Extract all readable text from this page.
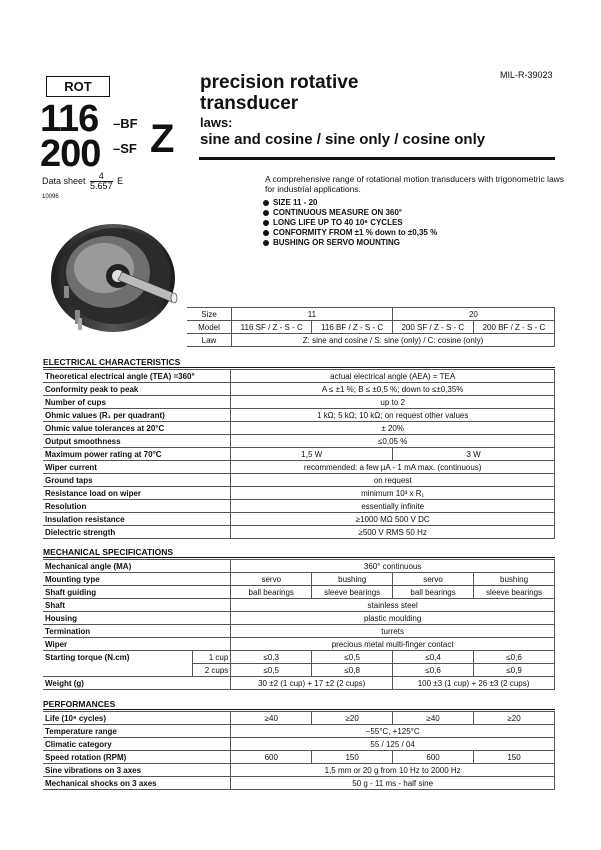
ROT
116 –BF
200 –SF Z
Data sheet $\frac{4}{5.657}$ E
10096
MIL-R-39023
precision rotative
transducer
laws:
sine and cosine / sine only / cosine only
A comprehensive range of rotational motion transducers with trigonometric laws for industrial applications.
SIZE 11 - 20
CONTINUOUS MEASURE ON 360°
LONG LIFE UP TO 40 10⁶ CYCLES
CONFORMITY FROM ±1 % down to ±0,35 %
BUSHING OR SERVO MOUNTING
Size	11		20	
Model	116 SF / Z - S - C	116 BF / Z - S - C	200 SF / Z - S - C	200 BF / Z - S - C
Law	Z: sine and cosine / S: sine (only) / C: cosine (only)			
ELECTRICAL CHARACTERISTICS
Theoretical electrical angle (TEA) =360°	actual electrical angle (AEA) = TEA	
Conformity peak to peak	A ≤ ±1 %; B ≤ ±0,5 %; down to ≤±0,35%	
Number of cups	up to 2	
Ohmic values (R₁ per quadrant)	1 kΩ; 5 kΩ; 10 kΩ; on request other values	
Ohmic value tolerances at 20°C	± 20%	
Output smoothness	≤0,05 %	
Maximum power rating at 70°C	1,5 W	3 W
Wiper current	recommended: a few µA - 1 mA max. (continuous)	
Ground taps	on request	
Resistance load on wiper	minimum 10³ x R₁	
Resolution	essentially infinite	
Insulation resistance	≥1000 MΩ 500 V DC	
Dielectric strength	≥500 V RMS 50 Hz	
MECHANICAL SPECIFICATIONS
Mechanical angle (MA)		360° continuous			
Mounting type		servo	bushing	servo	bushing
Shaft guiding		ball bearings	sleeve bearings	ball bearings	sleeve bearings
Shaft		stainless steel			
Housing		plastic moulding			
Termination		turrets			
Wiper		precious metal multi-finger contact			
Starting torque (N.cm)	1 cup	≤0,3	≤0,5	≤0,4	≤0,6
	2 cups	≤0,5	≤0,8	≤0,6	≤0,9
Weight (g)		30 ±2 (1 cup) + 17 ±2 (2 cups)		100 ±3 (1 cup) + 26 ±3 (2 cups)	
PERFORMANCES
Life (10⁶ cycles)	≥40	≥20	≥40	≥20
Temperature range	−55°C, +125°C			
Climatic category	55 / 125 / 04			
Speed rotation (RPM)	600	150	600	150
Sine vibrations on 3 axes	1,5 mm or 20 g from 10 Hz to 2000 Hz			
Mechanical shocks on 3 axes	50 g - 11 ms - half sine			
